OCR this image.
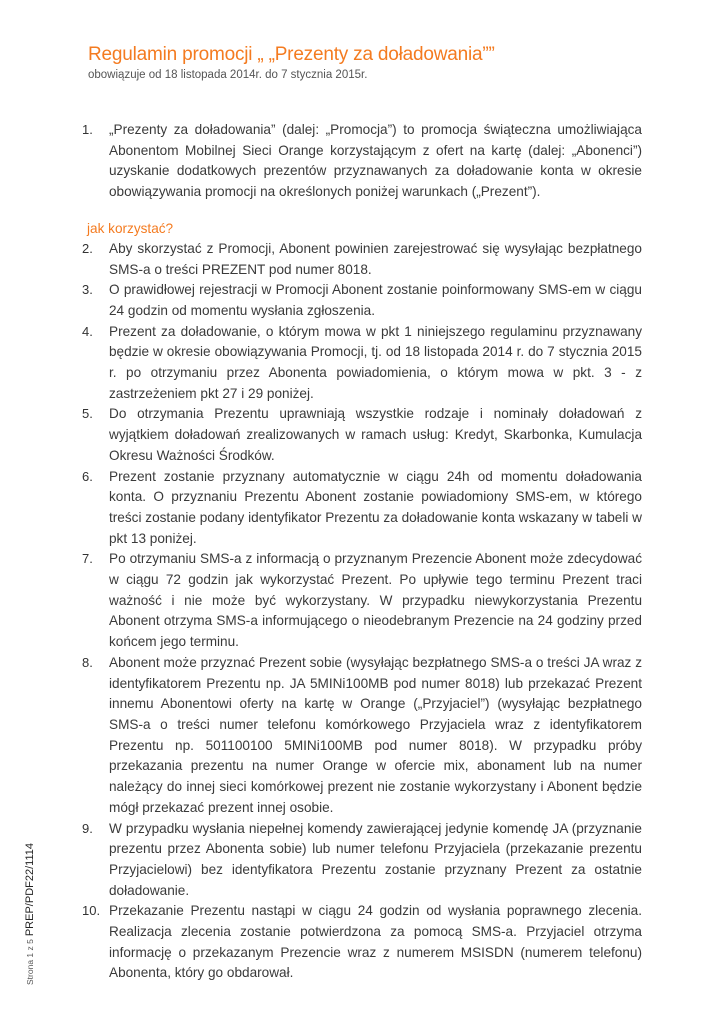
Regulamin promocji „ „Prezenty za doładowania””
obowiązuje od 18 listopada 2014r. do 7 stycznia 2015r.
1. „Prezenty za doładowania” (dalej: „Promocja”) to promocja świąteczna umożliwiająca Abonentom Mobilnej Sieci Orange korzystającym z ofert na kartę (dalej: „Abonenci”) uzyskanie dodatkowych prezentów przyznawanych za doładowanie konta w okresie obowiązywania promocji na określonych poniżej warunkach („Prezent”).
jak korzystać?
2. Aby skorzystać z Promocji, Abonent powinien zarejestrować się wysyłając bezpłatnego SMS-a o treści PREZENT pod numer 8018.
3. O prawidłowej rejestracji w Promocji Abonent zostanie poinformowany SMS-em w ciągu 24 godzin od momentu wysłania zgłoszenia.
4. Prezent za doładowanie, o którym mowa w pkt 1 niniejszego regulaminu przyznawany będzie w okresie obowiązywania Promocji, tj. od 18 listopada 2014 r. do 7 stycznia 2015 r. po otrzymaniu przez Abonenta powiadomienia, o którym mowa w pkt. 3 - z zastrzeżeniem pkt 27 i 29 poniżej.
5. Do otrzymania Prezentu uprawniają wszystkie rodzaje i nominały doładowań z wyjątkiem doładowań zrealizowanych w ramach usług: Kredyt, Skarbonka, Kumulacja Okresu Ważności Środków.
6. Prezent zostanie przyznany automatycznie w ciągu 24h od momentu doładowania konta. O przyznaniu Prezentu Abonent zostanie powiadomiony SMS-em, w którego treści zostanie podany identyfikator Prezentu za doładowanie konta wskazany w tabeli w pkt 13 poniżej.
7. Po otrzymaniu SMS-a z informacją o przyznanym Prezencie Abonent może zdecydować w ciągu 72 godzin jak wykorzystać Prezent. Po upływie tego terminu Prezent traci ważność i nie może być wykorzystany. W przypadku niewykorzystania Prezentu Abonent otrzyma SMS-a informującego o nieodebranym Prezencie na 24 godziny przed końcem jego terminu.
8. Abonent może przyznać Prezent sobie (wysyłając bezpłatnego SMS-a o treści JA wraz z identyfikatorem Prezentu np. JA 5MINi100MB pod numer 8018) lub przekazać Prezent innemu Abonentowi oferty na kartę w Orange („Przyjaciel”) (wysyłając bezpłatnego SMS-a o treści numer telefonu komórkowego Przyjaciela wraz z identyfikatorem Prezentu np. 501100100 5MINi100MB pod numer 8018). W przypadku próby przekazania prezentu na numer Orange w ofercie mix, abonament lub na numer należący do innej sieci komórkowej prezent nie zostanie wykorzystany i Abonent będzie mógł przekazać prezent innej osobie.
9. W przypadku wysłania niepełnej komendy zawierającej jedynie komendę JA (przyznanie prezentu przez Abonenta sobie) lub numer telefonu Przyjaciela (przekazanie prezentu Przyjacielowi) bez identyfikatora Prezentu zostanie przyznany Prezent za ostatnie doładowanie.
10. Przekazanie Prezentu nastąpi w ciągu 24 godzin od wysłania poprawnego zlecenia. Realizacja zlecenia zostanie potwierdzona za pomocą SMS-a. Przyjaciel otrzyma informację o przekazanym Prezencie wraz z numerem MSISDN (numerem telefonu) Abonenta, który go obdarował.
Strona 1 z 5PREP/PDF22/1114
